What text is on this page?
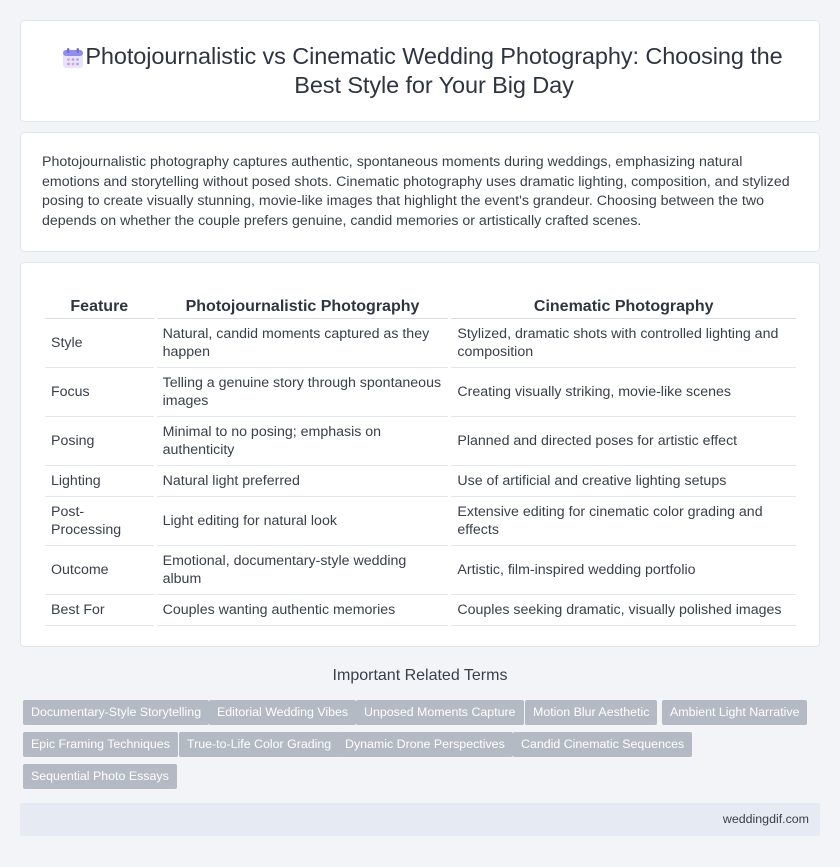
Photojournalistic vs Cinematic Wedding Photography: Choosing the Best Style for Your Big Day

Photojournalistic photography captures authentic, spontaneous moments during weddings, emphasizing natural emotions and storytelling without posed shots. Cinematic photography uses dramatic lighting, composition, and stylized posing to create visually stunning, movie-like images that highlight the event's grandeur. Choosing between the two depends on whether the couple prefers genuine, candid memories or artistically crafted scenes.

Feature	Photojournalistic Photography	Cinematic Photography
Style	Natural, candid moments captured as they happen	Stylized, dramatic shots with controlled lighting and composition
Focus	Telling a genuine story through spontaneous images	Creating visually striking, movie-like scenes
Posing	Minimal to no posing; emphasis on authenticity	Planned and directed poses for artistic effect
Lighting	Natural light preferred	Use of artificial and creative lighting setups
Post-Processing	Light editing for natural look	Extensive editing for cinematic color grading and effects
Outcome	Emotional, documentary-style wedding album	Artistic, film-inspired wedding portfolio
Best For	Couples wanting authentic memories	Couples seeking dramatic, visually polished images
Important Related Terms
Documentary-Style Storytelling	Editorial Wedding Vibes	Unposed Moments Capture	Motion Blur Aesthetic	Ambient Light Narrative
Epic Framing Techniques	True-to-Life Color Grading	Dynamic Drone Perspectives	Candid Cinematic Sequences
Sequential Photo Essays
weddingdif.com
